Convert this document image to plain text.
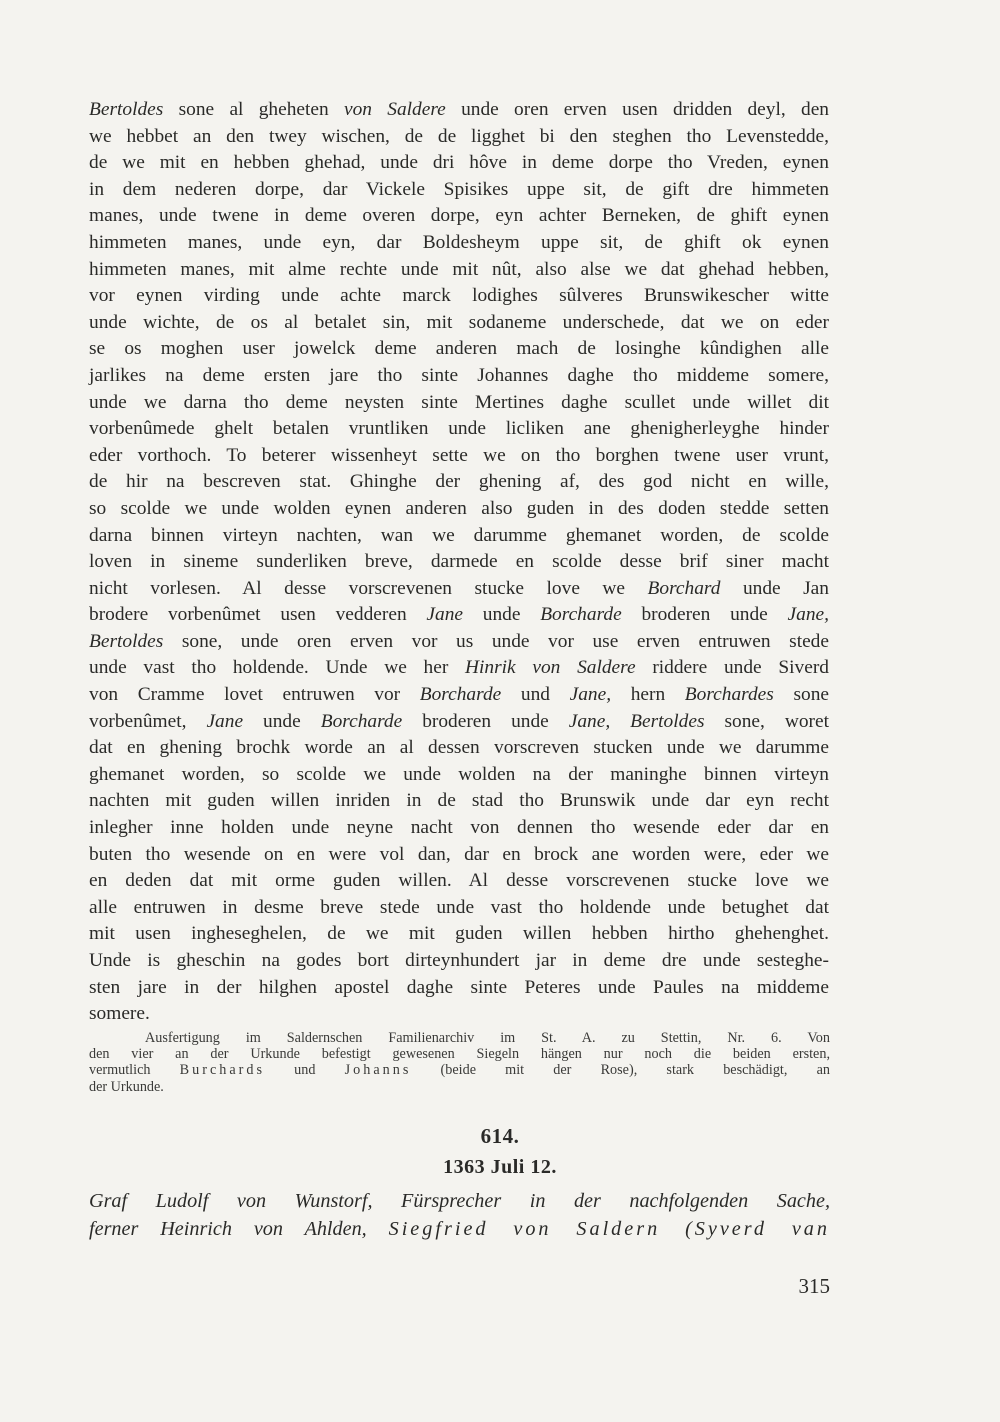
Bertoldes sone al gheheten von Saldere unde oren erven usen dridden deyl, den
we hebbet an den twey wischen, de de ligghet bi den steghen tho Levenstedde,
de we mit en hebben ghehad, unde dri hôve in deme dorpe tho Vreden, eynen
in dem nederen dorpe, dar Vickele Spisikes uppe sit, de gift dre himmeten
manes, unde twene in deme overen dorpe, eyn achter Berneken, de ghift eynen
himmeten manes, unde eyn, dar Boldesheym uppe sit, de ghift ok eynen
himmeten manes, mit alme rechte unde mit nût, also alse we dat ghehad hebben,
vor eynen virding unde achte marck lodighes sûlveres Brunswikescher witte
unde wichte, de os al betalet sin, mit sodaneme underschede, dat we on eder
se os moghen user jowelck deme anderen mach de losinghe kûndighen alle
jarlikes na deme ersten jare tho sinte Johannes daghe tho middeme somere,
unde we darna tho deme neysten sinte Mertines daghe scullet unde willet dit
vorbenûmede ghelt betalen vruntliken unde licliken ane ghenigherleyghe hinder
eder vorthoch. To beterer wissenheyt sette we on tho borghen twene user vrunt,
de hir na bescreven stat. Ghinghe der ghening af, des god nicht en wille,
so scolde we unde wolden eynen anderen also guden in des doden stedde setten
darna binnen virteyn nachten, wan we darumme ghemanet worden, de scolde
loven in sineme sunderliken breve, darmede en scolde desse brif siner macht
nicht vorlesen. Al desse vorscrevenen stucke love we Borchard unde Jan
brodere vorbenûmet usen vedderen Jane unde Borcharde broderen unde Jane,
Bertoldes sone, unde oren erven vor us unde vor use erven entruwen stede
unde vast tho holdende. Unde we her Hinrik von Saldere riddere unde Siverd
von Cramme lovet entruwen vor Borcharde und Jane, hern Borchardes sone
vorbenûmet, Jane unde Borcharde broderen unde Jane, Bertoldes sone, woret
dat en ghening brochk worde an al dessen vorscreven stucken unde we darumme
ghemanet worden, so scolde we unde wolden na der maninghe binnen virteyn
nachten mit guden willen inriden in de stad tho Brunswik unde dar eyn recht
inlegher inne holden unde neyne nacht von dennen tho wesende eder dar en
buten tho wesende on en were vol dan, dar en brock ane worden were, eder we
en deden dat mit orme guden willen. Al desse vorscrevenen stucke love we
alle entruwen in desme breve stede unde vast tho holdende unde betughet dat
mit usen ingheseghelen, de we mit guden willen hebben hirtho ghehenghet.
Unde is gheschin na godes bort dirteynhundert jar in deme dre unde sesteghe-
sten jare in der hilghen apostel daghe sinte Peteres unde Paules na middeme
somere.
Ausfertigung im Saldernschen Familienarchiv im St. A. zu Stettin, Nr. 6. Von
den vier an der Urkunde befestigt gewesenen Siegeln hängen nur noch die beiden ersten,
vermutlich Burchards und Johanns (beide mit der Rose), stark beschädigt, an
der Urkunde.
614.
1363 Juli 12.
Graf Ludolf von Wunstorf, Fürsprecher in der nachfolgenden Sache,
ferner Heinrich von Ahlden, Siegfried von Saldern (Syverd van
315
